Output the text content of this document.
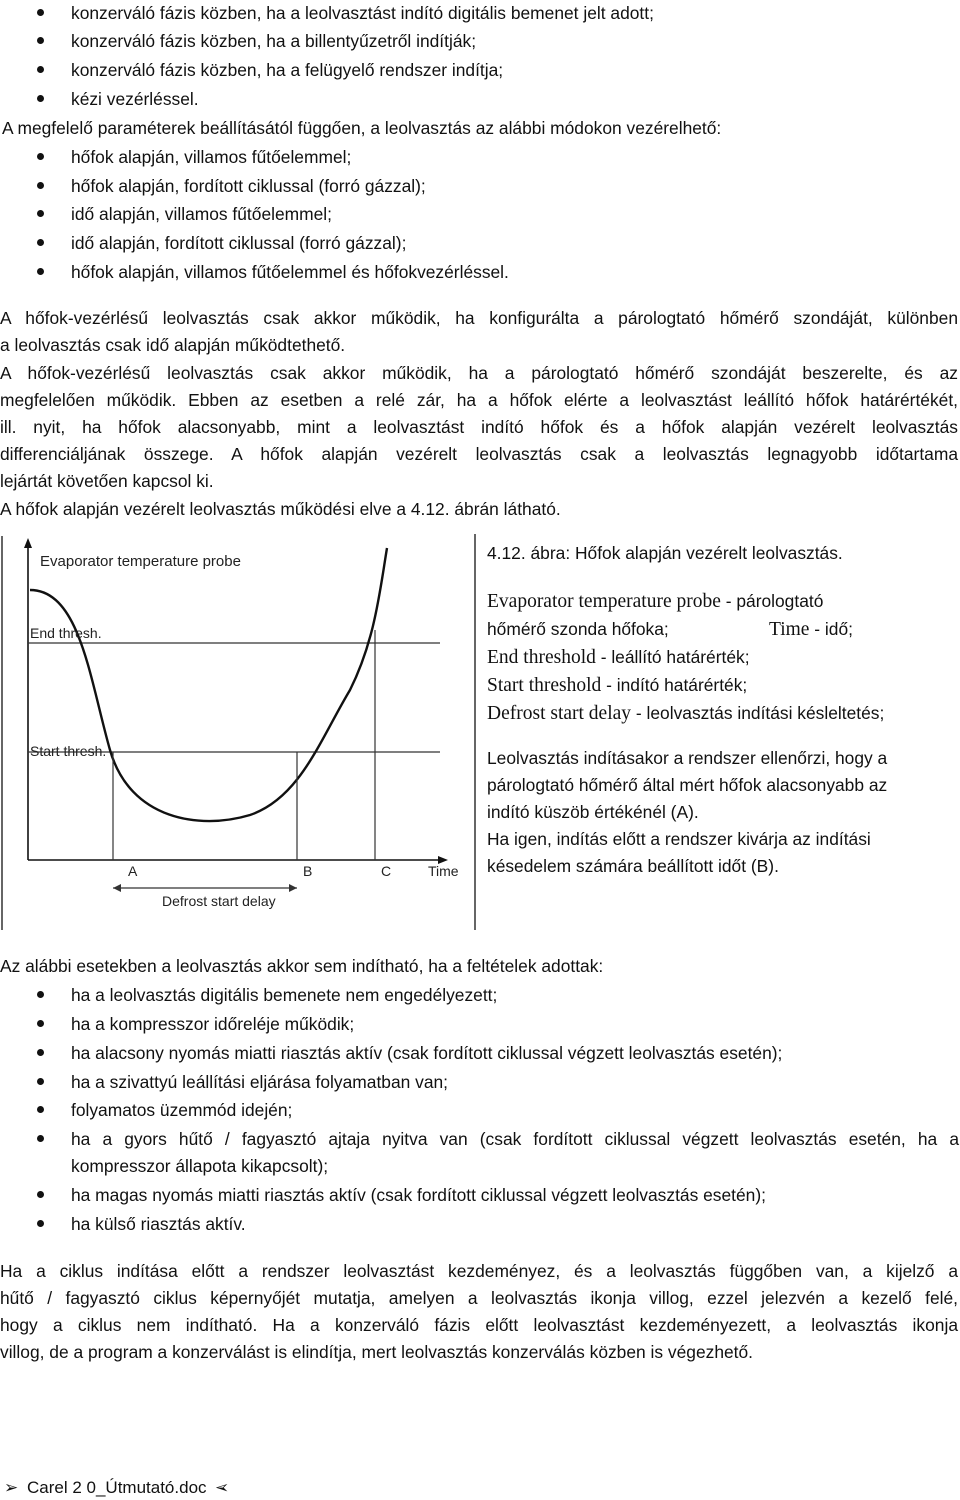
konzerváló fázis közben, ha a leolvasztást indító digitális bemenet jelt adott;
konzerváló fázis közben, ha a billentyűzetről indítják;
konzerváló fázis közben, ha a felügyelő rendszer indítja;
kézi vezérléssel.
A megfelelő paraméterek beállításától függően, a leolvasztás az alábbi módokon vezérelhető:
hőfok alapján, villamos fűtőelemmel;
hőfok alapján, fordított ciklussal (forró gázzal);
idő alapján, villamos fűtőelemmel;
idő alapján, fordított ciklussal (forró gázzal);
hőfok alapján, villamos fűtőelemmel és hőfokvezérléssel.
A hőfok-vezérlésű leolvasztás csak akkor működik, ha konfigurálta a párologtató hőmérő szondáját, különben
a leolvasztás csak idő alapján működtethető.
A hőfok-vezérlésű leolvasztás csak akkor működik, ha a párologtató hőmérő szondáját beszerelte, és az
megfelelően működik. Ebben az esetben a relé zár, ha a hőfok elérte a leolvasztást leállító hőfok határértékét,
ill. nyit, ha hőfok alacsonyabb, mint a leolvasztást indító hőfok és a hőfok alapján vezérelt leolvasztás
differenciáljának összege. A hőfok alapján vezérelt leolvasztás csak a leolvasztás legnagyobb időtartama
lejártát követően kapcsol ki.
A hőfok alapján vezérelt leolvasztás működési elve a 4.12. ábrán látható.
Evaporator temperature probe
End thresh.
Start thresh.
A	B	C	Time
Defrost start delay
4.12. ábra: Hőfok alapján vezérelt leolvasztás.
Evaporator temperature probe - párologtató
hőmérő szonda hőfoka;	Time - idő;
End threshold - leállító határérték;
Start threshold - indító határérték;
Defrost start delay - leolvasztás indítási késleltetés;
Leolvasztás indításakor a rendszer ellenőrzi, hogy a
párologtató hőmérő által mért hőfok alacsonyabb az
indító küszöb értékénél (A).
Ha igen, indítás előtt a rendszer kivárja az indítási
késedelem számára beállított időt (B).
Az alábbi esetekben a leolvasztás akkor sem indítható, ha a feltételek adottak:
ha a leolvasztás digitális bemenete nem engedélyezett;
ha a kompresszor időreléje működik;
ha alacsony nyomás miatti riasztás aktív (csak fordított ciklussal végzett leolvasztás esetén);
ha a szivattyú leállítási eljárása folyamatban van;
folyamatos üzemmód idején;
ha a gyors hűtő / fagyasztó ajtaja nyitva van (csak fordított ciklussal végzett leolvasztás esetén, ha a
kompresszor állapota kikapcsolt);
ha magas nyomás miatti riasztás aktív (csak fordított ciklussal végzett leolvasztás esetén);
ha külső riasztás aktív.
Ha a ciklus indítása előtt a rendszer leolvasztást kezdeményez, és a leolvasztás függőben van, a kijelző a
hűtő / fagyasztó ciklus képernyőjét mutatja, amelyen a leolvasztás ikonja villog, ezzel jelezvén a kezelő felé,
hogy a ciklus nem indítható. Ha a konzerváló fázis előtt leolvasztást kezdeményezett, a leolvasztás ikonja
villog, de a program a konzerválást is elindítja, mert leolvasztás konzerválás közben is végezhető.
➢ Carel 2 0_Útmutató.doc ➢
